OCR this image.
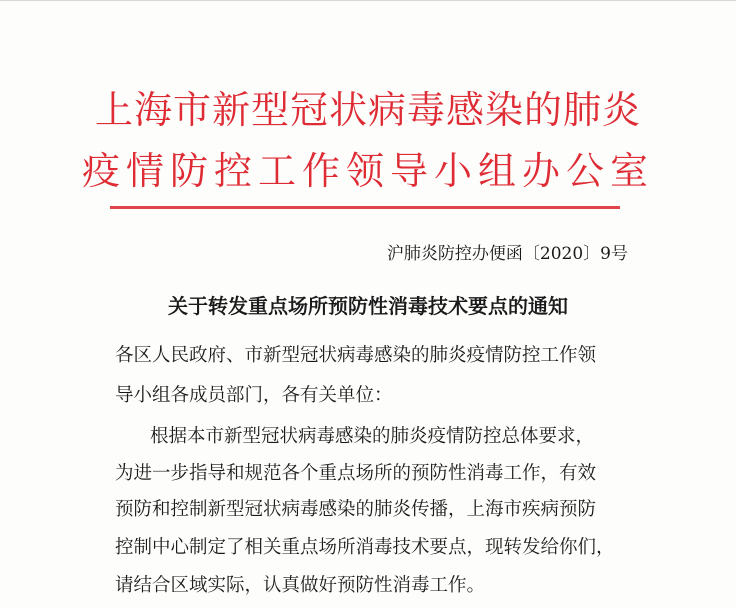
上海市新型冠状病毒感染的肺炎
疫情防控工作领导小组办公室
沪肺炎防控办便函〔2020〕9号
关于转发重点场所预防性消毒技术要点的通知
各区人民政府、市新型冠状病毒感染的肺炎疫情防控工作领
导小组各成员部门，各有关单位：
根据本市新型冠状病毒感染的肺炎疫情防控总体要求，
为进一步指导和规范各个重点场所的预防性消毒工作，有效
预防和控制新型冠状病毒感染的肺炎传播，上海市疾病预防
控制中心制定了相关重点场所消毒技术要点，现转发给你们，
请结合区域实际，认真做好预防性消毒工作。
